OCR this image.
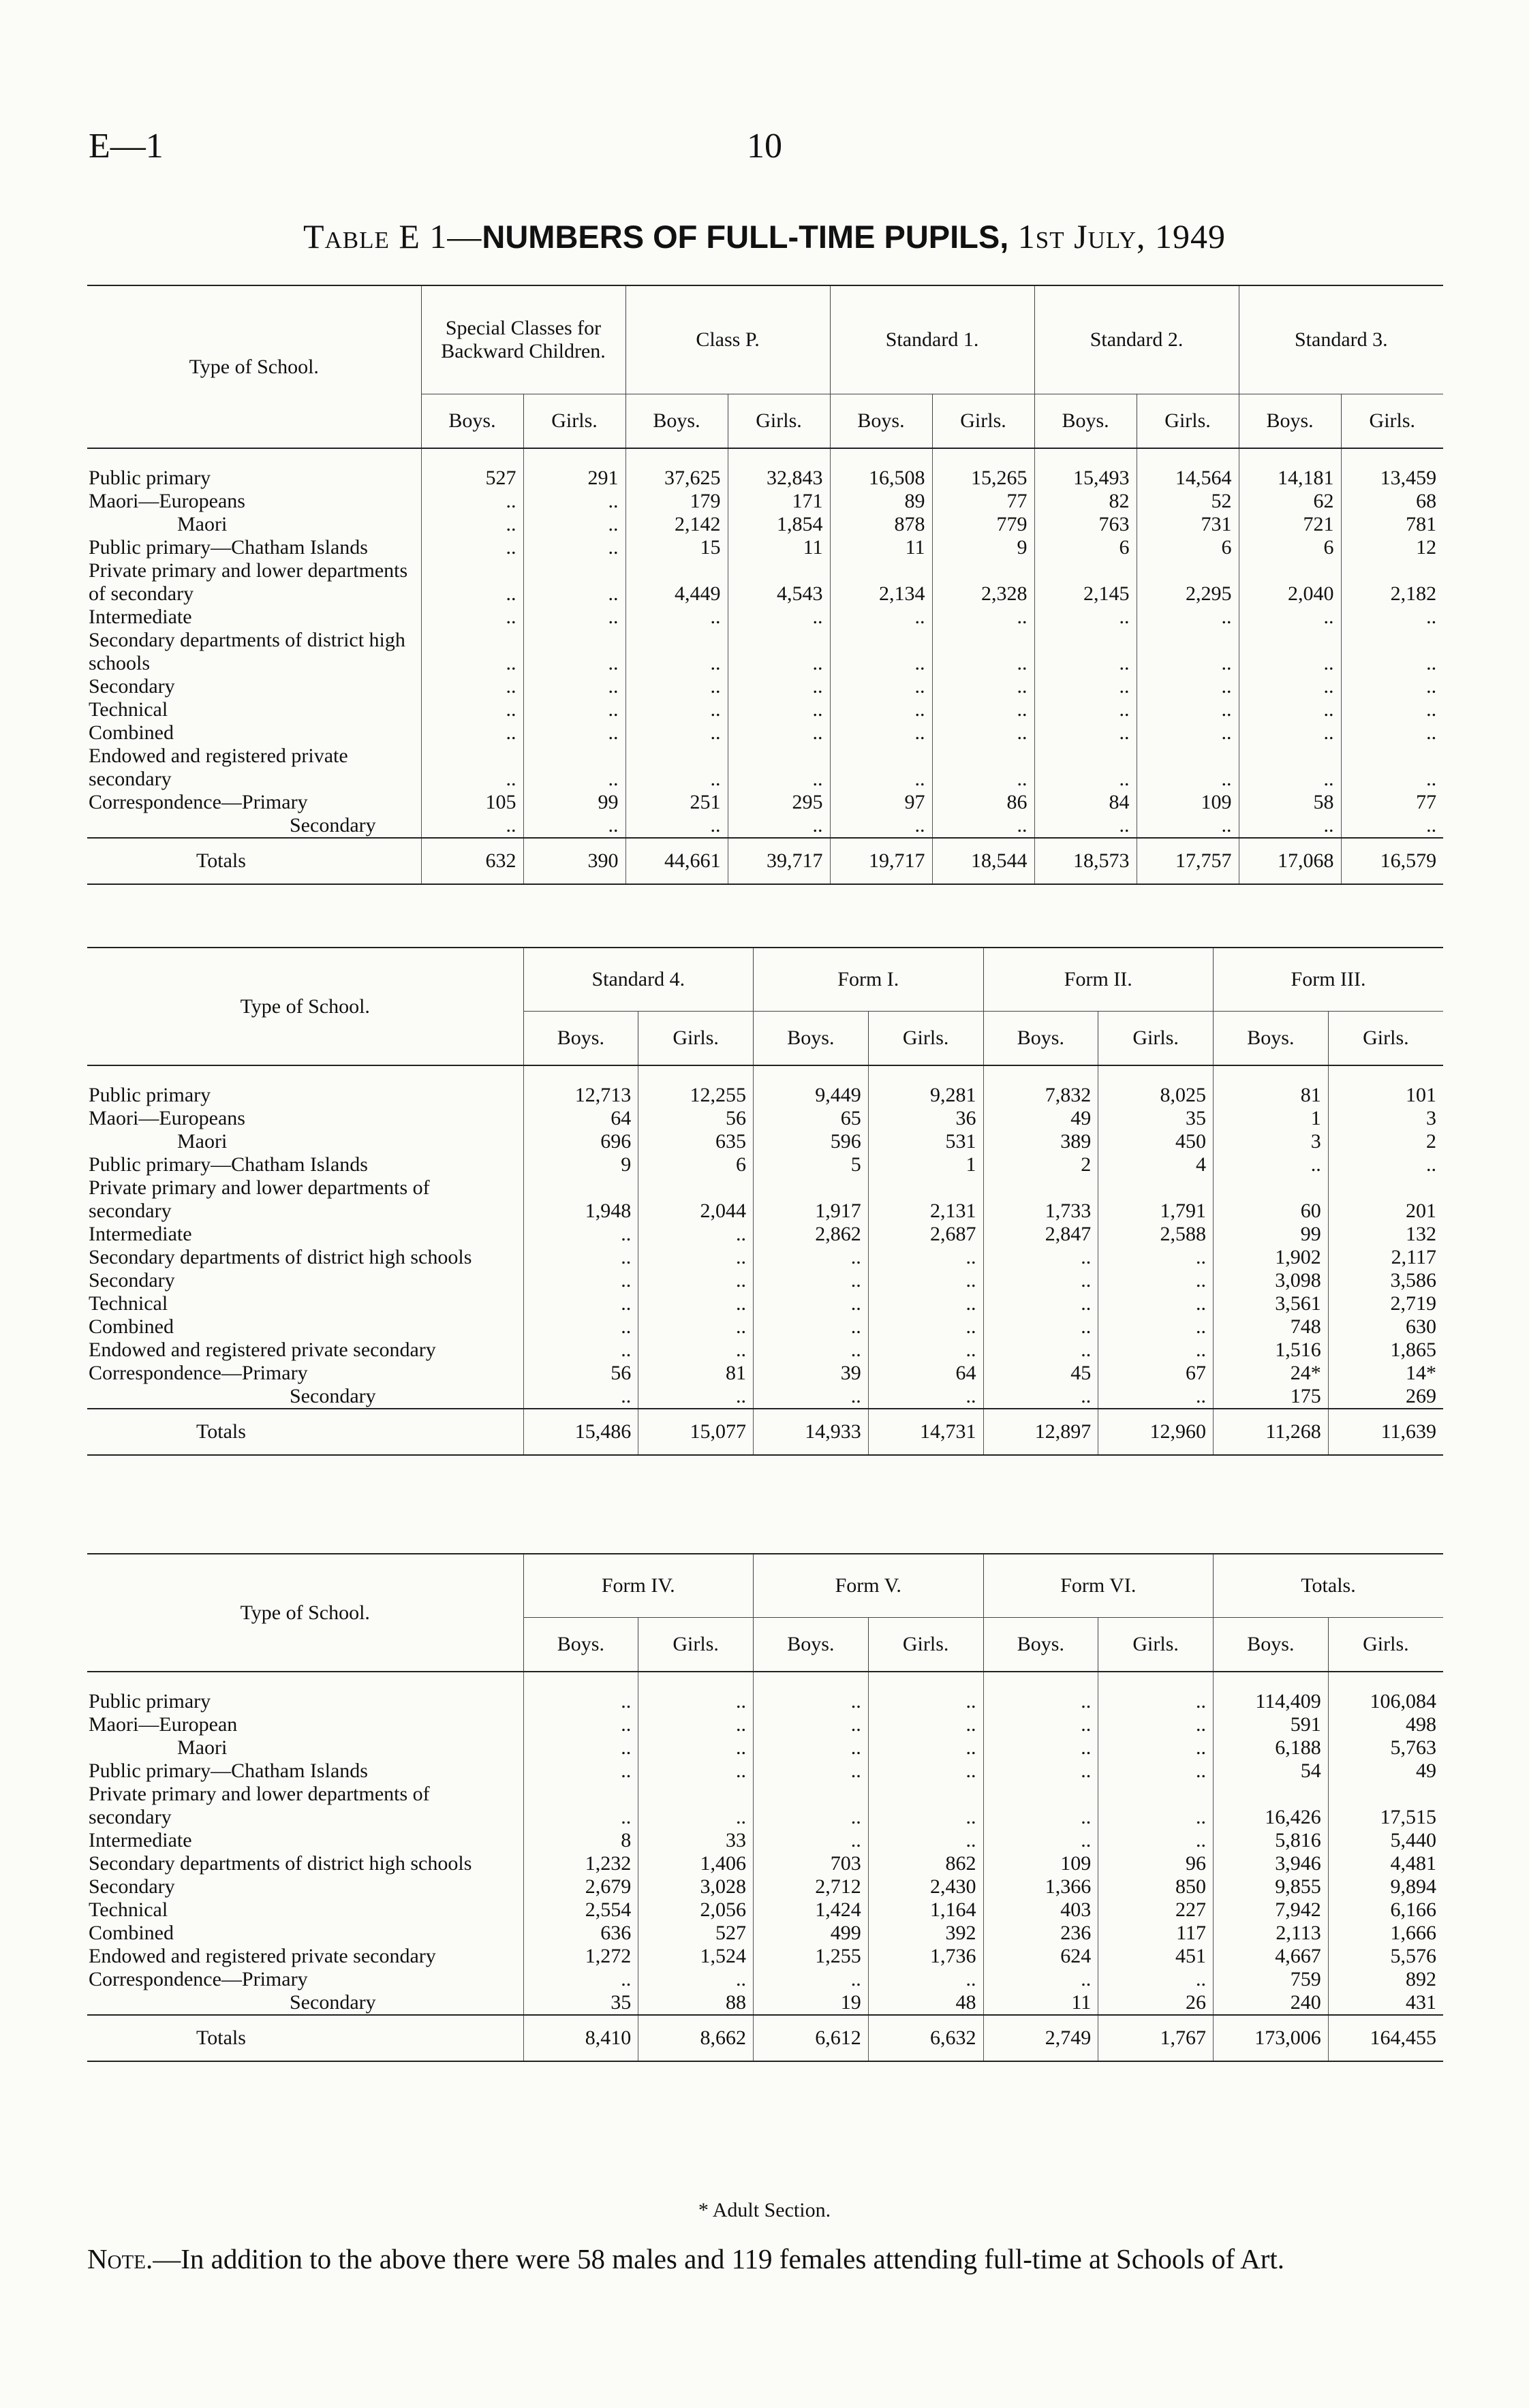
E—1	10
Table E 1—NUMBERS OF FULL-TIME PUPILS, 1st July, 1949
Type of School.	Special Classes for Backward Children.		Class P.		Standard 1.		Standard 2.		Standard 3.	
	Boys.	Girls.	Boys.	Girls.	Boys.	Girls.	Boys.	Girls.	Boys.	Girls.
Public primary	527	291	37,625	32,843	16,508	15,265	15,493	14,564	14,181	13,459
Maori—Europeans	..	..	179	171	89	77	82	52	62	68
Maori	..	..	2,142	1,854	878	779	763	731	721	781
Public primary—Chatham Islands	..	..	15	11	11	9	6	6	6	12
Private primary and lower departments of secondary	..	..	4,449	4,543	2,134	2,328	2,145	2,295	2,040	2,182
Intermediate	..	..	..	..	..	..	..	..	..	..
Secondary departments of district high schools	..	..	..	..	..	..	..	..	..	..
Secondary	..	..	..	..	..	..	..	..	..	..
Technical	..	..	..	..	..	..	..	..	..	..
Combined	..	..	..	..	..	..	..	..	..	..
Endowed and registered private secondary	..	..	..	..	..	..	..	..	..	..
Correspondence—Primary	105	99	251	295	97	86	84	109	58	77
Secondary	..	..	..	..	..	..	..	..	..	..
Totals	632	390	44,661	39,717	19,717	18,544	18,573	17,757	17,068	16,579
Type of School.	Standard 4.		Form I.		Form II.		Form III.	
	Boys.	Girls.	Boys.	Girls.	Boys.	Girls.	Boys.	Girls.
Public primary	12,713	12,255	9,449	9,281	7,832	8,025	81	101
Maori—Europeans	64	56	65	36	49	35	1	3
Maori	696	635	596	531	389	450	3	2
Public primary—Chatham Islands	9	6	5	1	2	4	..	..
Private primary and lower departments of secondary	1,948	2,044	1,917	2,131	1,733	1,791	60	201
Intermediate	..	..	2,862	2,687	2,847	2,588	99	132
Secondary departments of district high schools	..	..	..	..	..	..	1,902	2,117
Secondary	..	..	..	..	..	..	3,098	3,586
Technical	..	..	..	..	..	..	3,561	2,719
Combined	..	..	..	..	..	..	748	630
Endowed and registered private secondary	..	..	..	..	..	..	1,516	1,865
Correspondence—Primary	56	81	39	64	45	67	24*	14*
Secondary	..	..	..	..	..	..	175	269
Totals	15,486	15,077	14,933	14,731	12,897	12,960	11,268	11,639
Type of School.	Form IV.		Form V.		Form VI.		Totals.	
	Boys.	Girls.	Boys.	Girls.	Boys.	Girls.	Boys.	Girls.
Public primary	..	..	..	..	..	..	114,409	106,084
Maori—European	..	..	..	..	..	..	591	498
Maori	..	..	..	..	..	..	6,188	5,763
Public primary—Chatham Islands	..	..	..	..	..	..	54	49
Private primary and lower departments of secondary	..	..	..	..	..	..	16,426	17,515
Intermediate	8	33	..	..	..	..	5,816	5,440
Secondary departments of district high schools	1,232	1,406	703	862	109	96	3,946	4,481
Secondary	2,679	3,028	2,712	2,430	1,366	850	9,855	9,894
Technical	2,554	2,056	1,424	1,164	403	227	7,942	6,166
Combined	636	527	499	392	236	117	2,113	1,666
Endowed and registered private secondary	1,272	1,524	1,255	1,736	624	451	4,667	5,576
Correspondence—Primary	..	..	..	..	..	..	759	892
Secondary	35	88	19	48	11	26	240	431
Totals	8,410	8,662	6,612	6,632	2,749	1,767	173,006	164,455
* Adult Section.
Note.—In addition to the above there were 58 males and 119 females attending full-time at Schools of Art.
